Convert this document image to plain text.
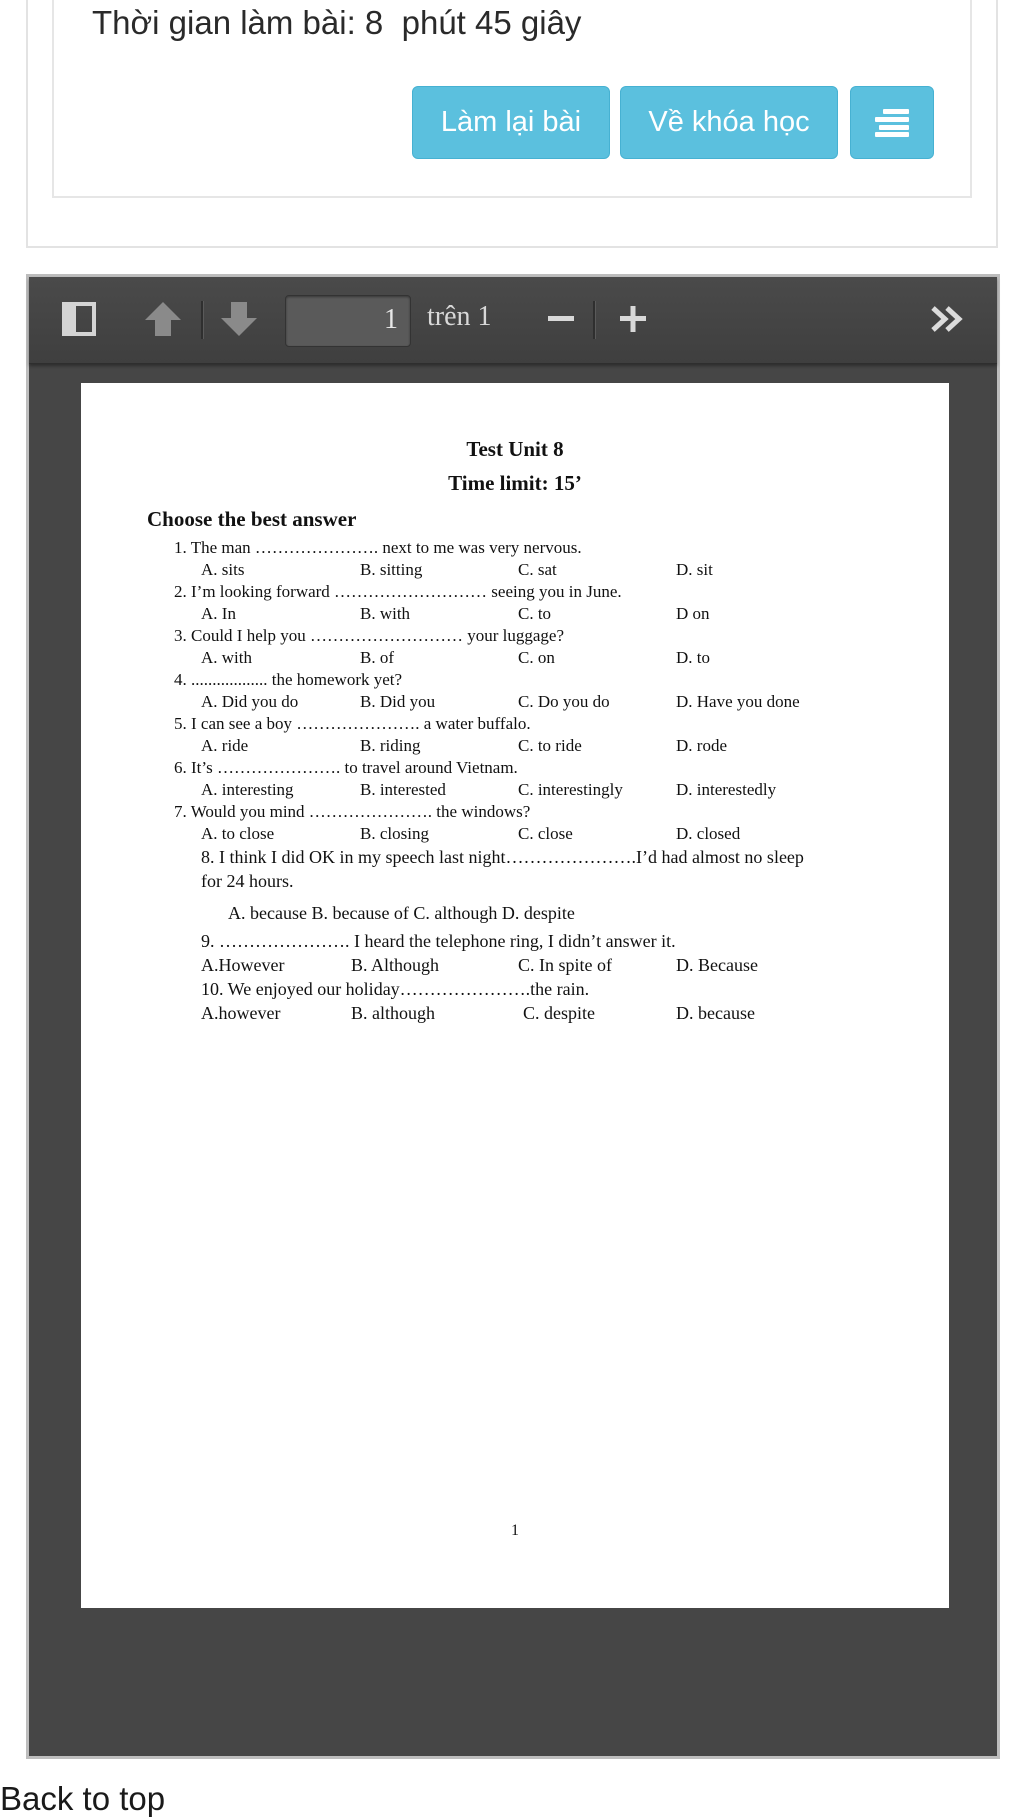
Thời gian làm bài: 8  phút 45 giây
Làm lại bài	Về khóa học
1	trên 1
Test Unit 8
Time limit: 15’
Choose the best answer
1. The man …………………. next to me was very nervous.
A. sits	B. sitting	C. sat	D. sit
2. I’m looking forward ……………………… seeing you in June.
A. In	B. with	C. to	D on
3. Could I help you ……………………… your luggage?
A. with	B. of	C. on	D. to
4. .................. the homework yet?
A. Did you do	B. Did you	C. Do you do	D. Have you done
5. I can see a boy …………………. a water buffalo.
A. ride	B. riding	C. to ride	D. rode
6. It’s …………………. to travel around Vietnam.
A. interesting	B. interested	C. interestingly	D. interestedly
7. Would you mind …………………. the windows?
A. to close	B. closing	C. close	D. closed
8. I think I did OK in my speech last night………………….I’d had almost no sleep
for 24 hours.
A. because B. because of C. although D. despite
9. …………………. I heard the telephone ring, I didn’t answer it.
A.However	B. Although	C. In spite of	D. Because
10. We enjoyed our holiday………………….the rain.
A.however	B. although	C. despite	D. because
1
Back to top
